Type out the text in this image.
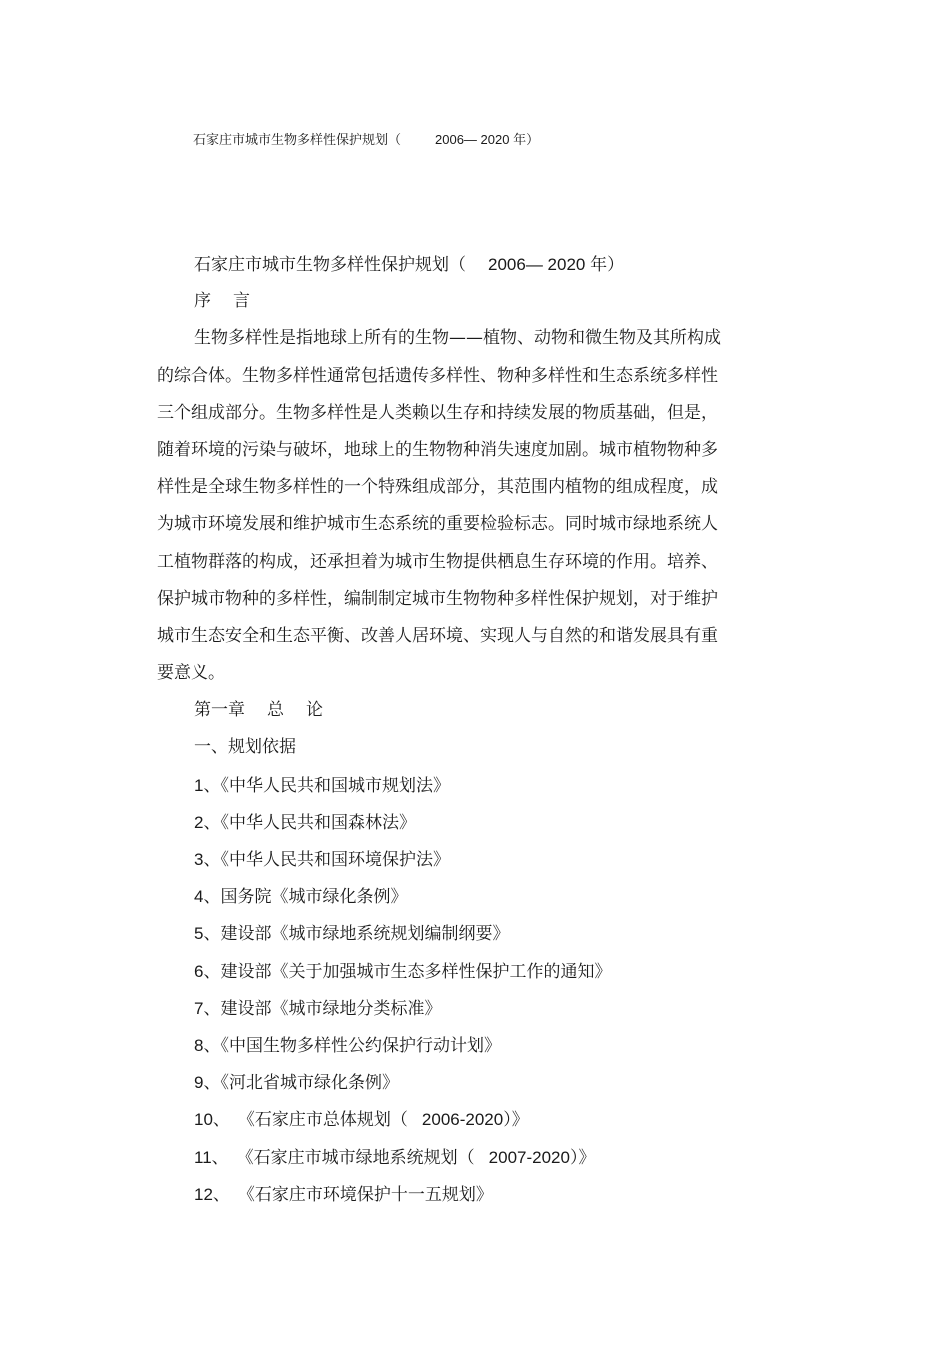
石家庄市城市生物多样性保护规划（	2006— 2020 年）
石家庄市城市生物多样性保护规划（ 2006— 2020 年）
序 言
生物多样性是指地球上所有的生物——植物、动物和微生物及其所构成
的综合体。生物多样性通常包括遗传多样性、物种多样性和生态系统多样性
三个组成部分。生物多样性是人类赖以生存和持续发展的物质基础，但是，
随着环境的污染与破坏，地球上的生物物种消失速度加剧。城市植物物种多
样性是全球生物多样性的一个特殊组成部分，其范围内植物的组成程度，成
为城市环境发展和维护城市生态系统的重要检验标志。同时城市绿地系统人
工植物群落的构成，还承担着为城市生物提供栖息生存环境的作用。培养、
保护城市物种的多样性，编制制定城市生物物种多样性保护规划，对于维护
城市生态安全和生态平衡、改善人居环境、实现人与自然的和谐发展具有重
要意义。
第一章 总 论
一、规划依据
1、《中华人民共和国城市规划法》
2、《中华人民共和国森林法》
3、《中华人民共和国环境保护法》
4、国务院《城市绿化条例》
5、建设部《城市绿地系统规划编制纲要》
6、建设部《关于加强城市生态多样性保护工作的通知》
7、建设部《城市绿地分类标准》
8、《中国生物多样性公约保护行动计划》
9、《河北省城市绿化条例》
10、 《石家庄市总体规划（ 2006-2020）》
11、 《石家庄市城市绿地系统规划（ 2007-2020）》
12、 《石家庄市环境保护十一五规划》
